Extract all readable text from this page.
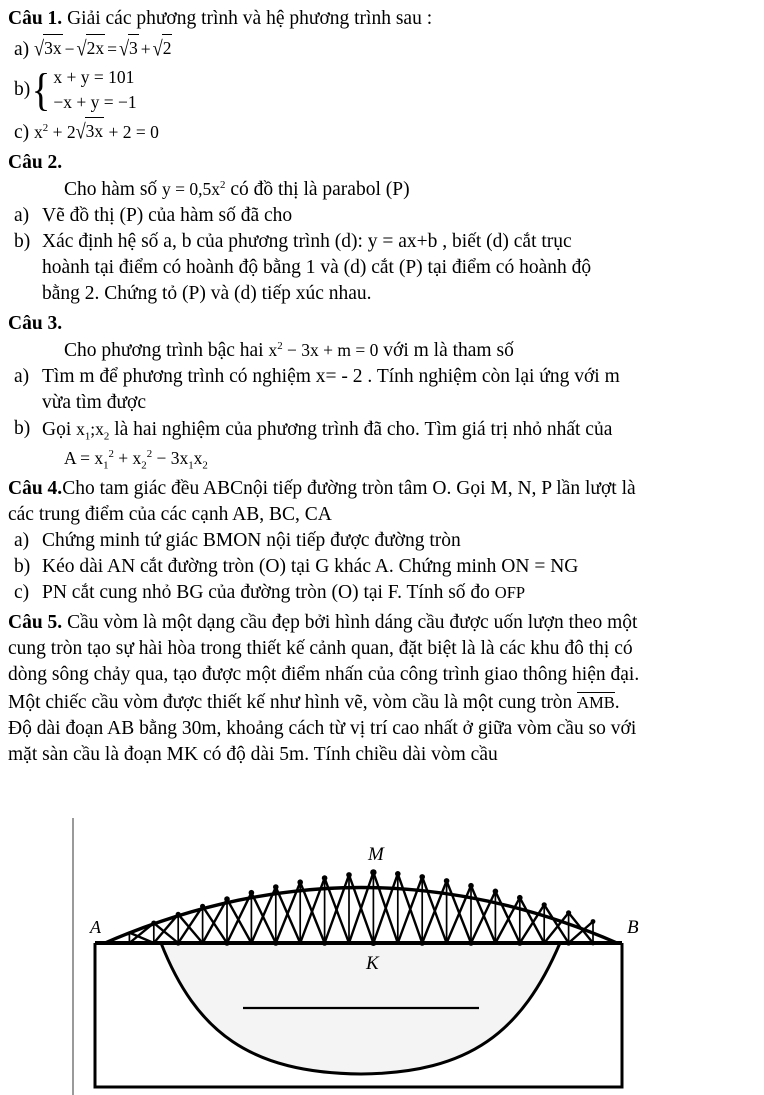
Câu 1. Giải các phương trình và hệ phương trình sau :
a) √3x − √2x = √3 + √2
b) { x + y = 101
−x + y = −1
c) $x^2 + 2√3x + 2 = 0$
Câu 2.
Cho hàm số $y = 0,5x^2$ có đồ thị là parabol (P)
a) Vẽ đồ thị (P) của hàm số đã cho
b) Xác định hệ số a, b của phương trình (d): y = ax+b , biết (d) cắt trục
hoành tại điểm có hoành độ bằng 1 và (d) cắt (P) tại điểm có hoành độ
bằng 2. Chứng tỏ (P) và (d) tiếp xúc nhau.
Câu 3.
Cho phương trình bậc hai $x^2 - 3x + m = 0$ với m là tham số
a) Tìm m để phương trình có nghiệm x= - 2 . Tính nghiệm còn lại ứng với m
vừa tìm được
b) Gọi $x_1;x_2$ là hai nghiệm của phương trình đã cho. Tìm giá trị nhỏ nhất của
$A = x_1^2 + x_2^2 - 3x_1x_2$
Câu 4.Cho tam giác đều ABCnội tiếp đường tròn tâm O. Gọi M, N, P lần lượt là
các trung điểm của các cạnh AB, BC, CA
a) Chứng minh tứ giác BMON nội tiếp được đường tròn
b) Kéo dài AN cắt đường tròn (O) tại G khác A. Chứng minh ON = NG
c) PN cắt cung nhỏ BG của đường tròn (O) tại F. Tính số đo OFP
Câu 5. Cầu vòm là một dạng cầu đẹp bởi hình dáng cầu được uốn lượn theo một
cung tròn tạo sự hài hòa trong thiết kế cảnh quan, đặt biệt là là các khu đô thị có
dòng sông chảy qua, tạo được một điểm nhấn của công trình giao thông hiện đại.
Một chiếc cầu vòm được thiết kế như hình vẽ, vòm cầu là một cung tròn AMB.
Độ dài đoạn AB bằng 30m, khoảng cách từ vị trí cao nhất ở giữa vòm cầu so với
mặt sàn cầu là đoạn MK có độ dài 5m. Tính chiều dài vòm cầu
A
M
K
B
